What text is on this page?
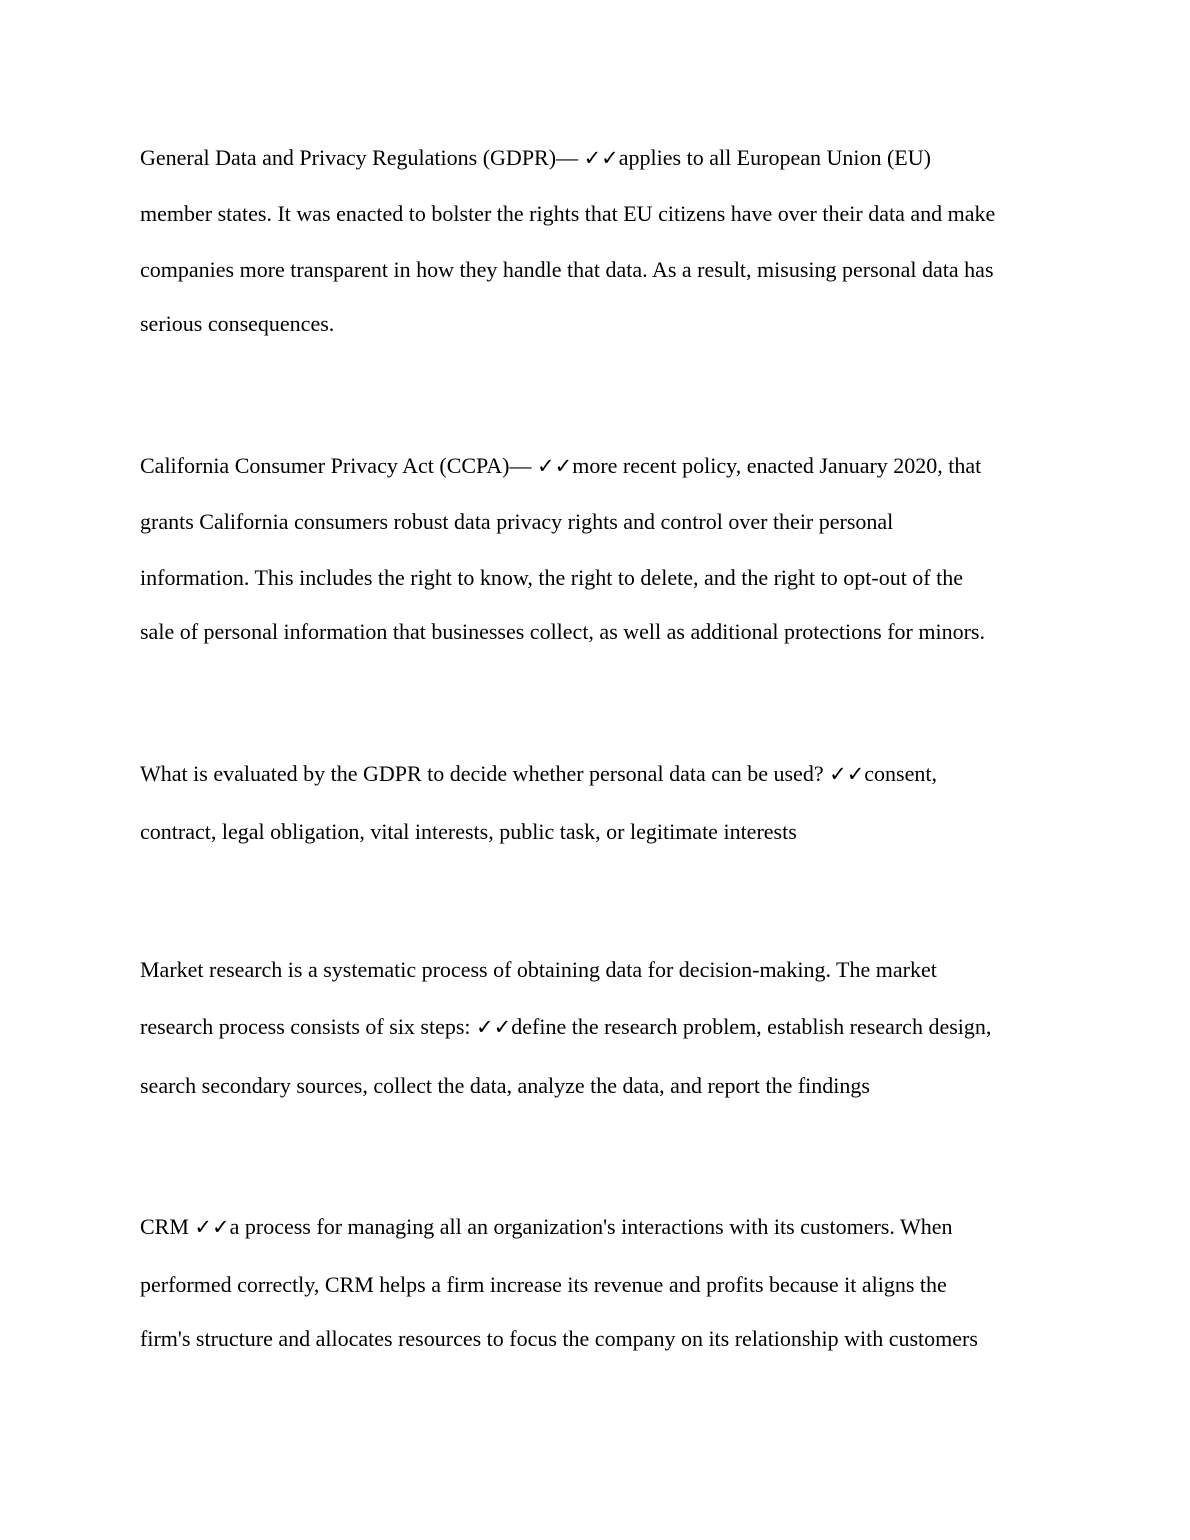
General Data and Privacy Regulations (GDPR)— ✓✓applies to all European Union (EU)
member states. It was enacted to bolster the rights that EU citizens have over their data and make
companies more transparent in how they handle that data. As a result, misusing personal data has
serious consequences.

California Consumer Privacy Act (CCPA)— ✓✓more recent policy, enacted January 2020, that
grants California consumers robust data privacy rights and control over their personal
information. This includes the right to know, the right to delete, and the right to opt-out of the
sale of personal information that businesses collect, as well as additional protections for minors.

What is evaluated by the GDPR to decide whether personal data can be used? ✓✓consent,
contract, legal obligation, vital interests, public task, or legitimate interests

Market research is a systematic process of obtaining data for decision-making. The market
research process consists of six steps: ✓✓define the research problem, establish research design,
search secondary sources, collect the data, analyze the data, and report the findings

CRM ✓✓a process for managing all an organization's interactions with its customers. When
performed correctly, CRM helps a firm increase its revenue and profits because it aligns the
firm's structure and allocates resources to focus the company on its relationship with customers
